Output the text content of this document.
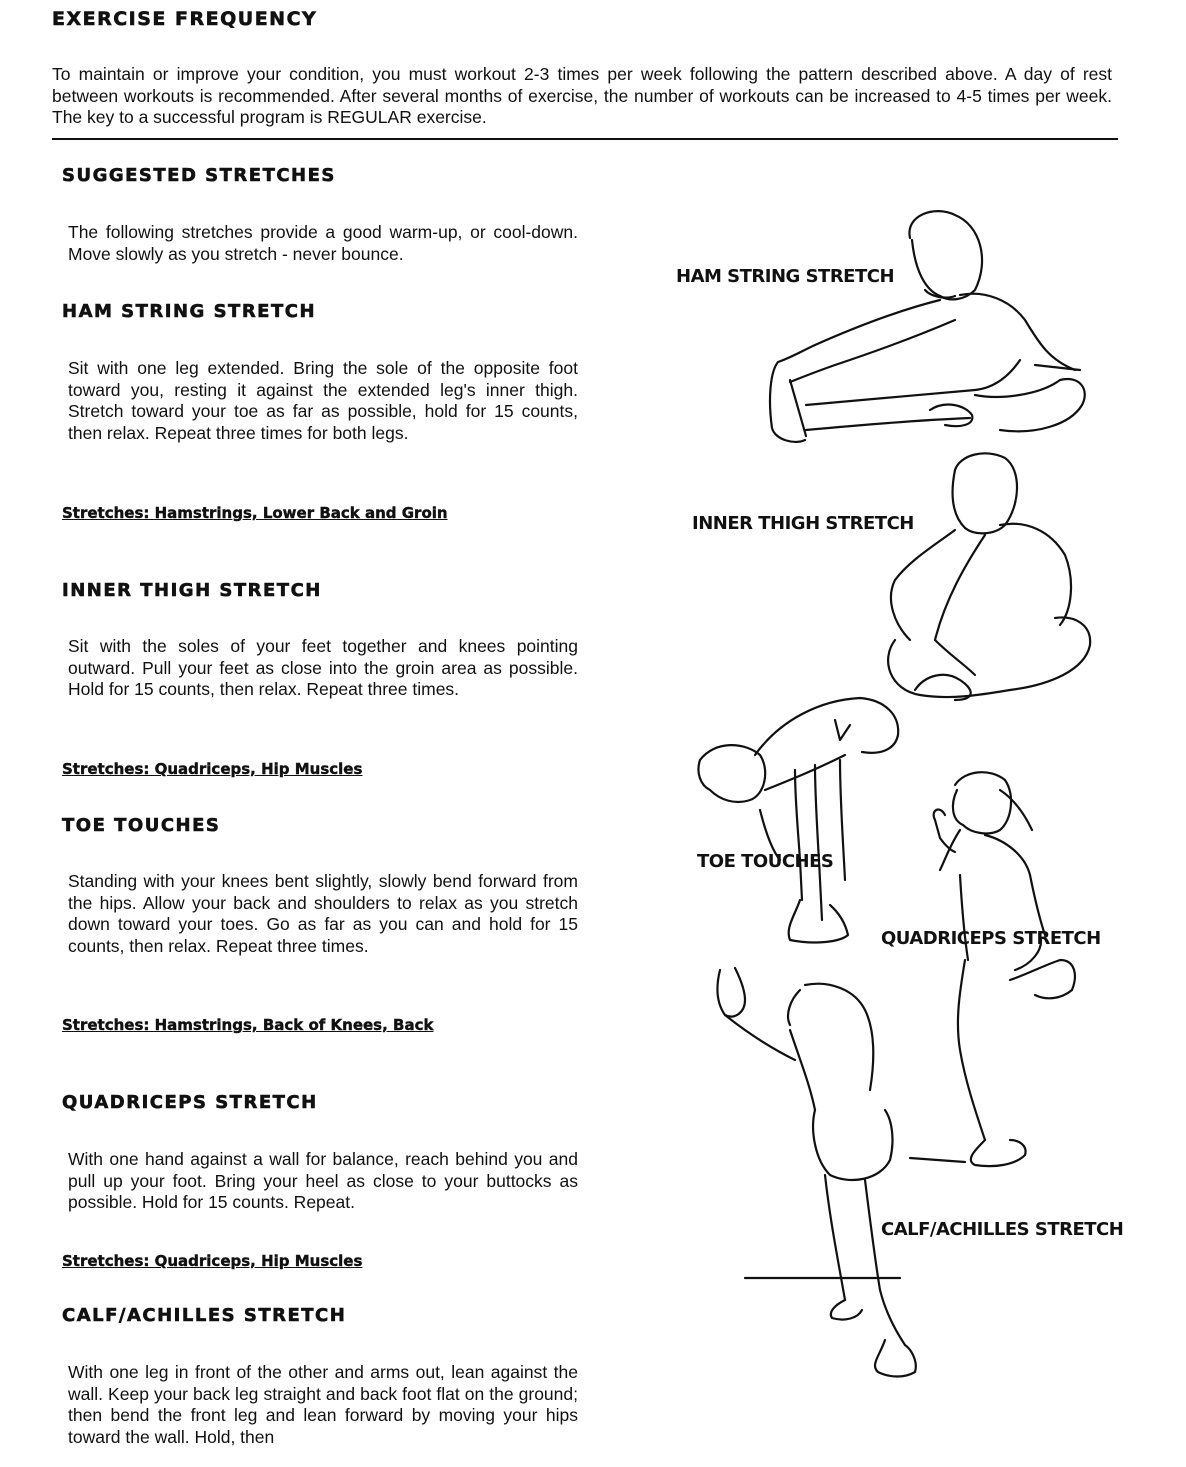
EXERCISE FREQUENCY

To maintain or improve your condition, you must workout 2-3 times per week following the pattern described above. A day of rest between workouts is recommended. After several months of exercise, the number of workouts can be increased to 4-5 times per week. The key to a successful program is REGULAR exercise.

SUGGESTED STRETCHES

The following stretches provide a good warm-up, or cool-down. Move slowly as you stretch - never bounce.

HAM STRING STRETCH

Sit with one leg extended. Bring the sole of the opposite foot toward you, resting it against the extended leg's inner thigh. Stretch toward your toe as far as possible, hold for 15 counts, then relax. Repeat three times for both legs.

Stretches: Hamstrings, Lower Back and Groin

INNER THIGH STRETCH

Sit with the soles of your feet together and knees pointing outward. Pull your feet as close into the groin area as possible. Hold for 15 counts, then relax. Repeat three times.

Stretches: Quadriceps, Hip Muscles

TOE TOUCHES

Standing with your knees bent slightly, slowly bend forward from the hips. Allow your back and shoulders to relax as you stretch down toward your toes. Go as far as you can and hold for 15 counts, then relax. Repeat three times.

Stretches: Hamstrings, Back of Knees, Back

QUADRICEPS STRETCH

With one hand against a wall for balance, reach behind you and pull up your foot. Bring your heel as close to your buttocks as possible. Hold for 15 counts. Repeat.

Stretches: Quadriceps, Hip Muscles

CALF/ACHILLES STRETCH

With one leg in front of the other and arms out, lean against the wall. Keep your back leg straight and back foot flat on the ground; then bend the front leg and lean forward by moving your hips toward the wall. Hold, then

HAM STRING STRETCH

INNER THIGH STRETCH

TOE TOUCHES

QUADRICEPS STRETCH

CALF/ACHILLES STRETCH
